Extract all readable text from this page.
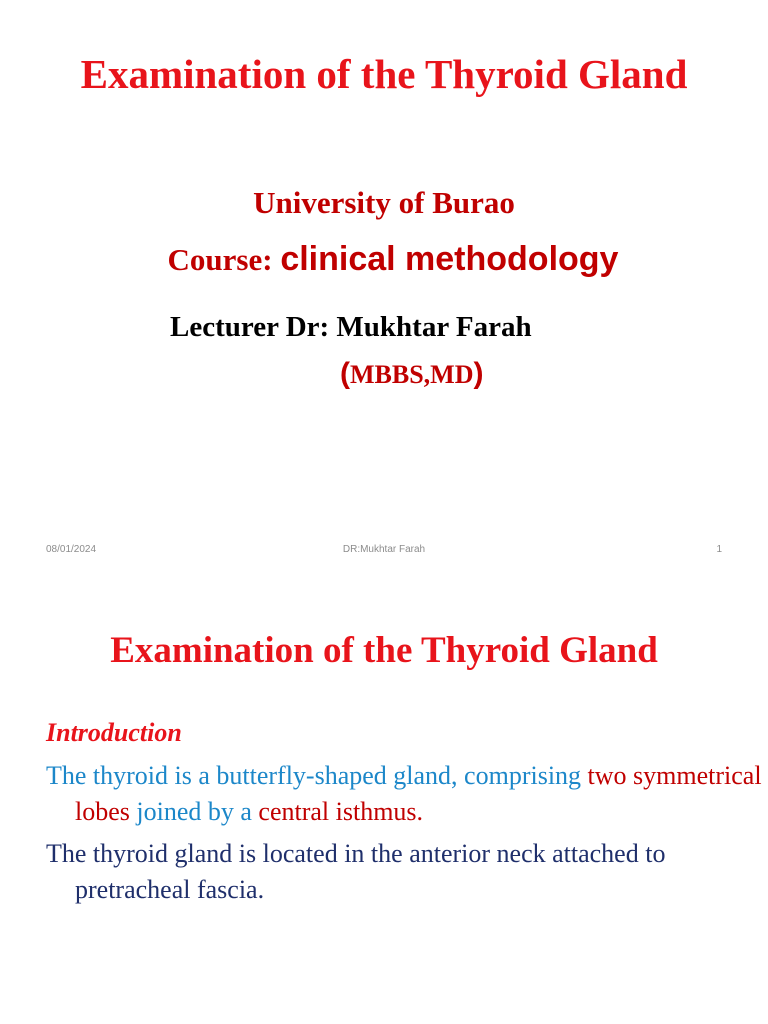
Examination of the Thyroid Gland
University of Burao
Course: clinical methodology
Lecturer Dr: Mukhtar Farah
(MBBS,MD)
08/01/2024	DR:Mukhtar Farah	1
Examination of the Thyroid Gland
Introduction
The thyroid is a butterfly-shaped gland, comprising two symmetrical lobes joined by a central isthmus.
The thyroid gland is located in the anterior neck attached to pretracheal fascia.
